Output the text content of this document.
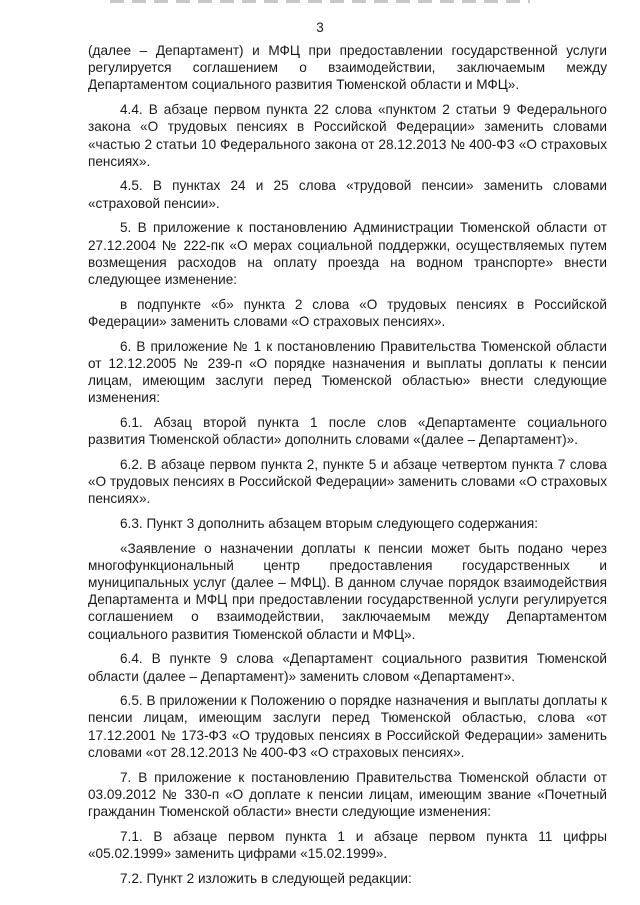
3

(далее – Департамент) и МФЦ при предоставлении государственной услуги регулируется соглашением о взаимодействии, заключаемым между Департаментом социального развития Тюменской области и МФЦ».

4.4. В абзаце первом пункта 22 слова «пунктом 2 статьи 9 Федерального закона «О трудовых пенсиях в Российской Федерации» заменить словами «частью 2 статьи 10 Федерального закона от 28.12.2013 № 400-ФЗ «О страховых пенсиях».

4.5. В пунктах 24 и 25 слова «трудовой пенсии» заменить словами «страховой пенсии».

5. В приложение к постановлению Администрации Тюменской области от 27.12.2004 № 222-пк «О мерах социальной поддержки, осуществляемых путем возмещения расходов на оплату проезда на водном транспорте» внести следующее изменение:

в подпункте «б» пункта 2 слова «О трудовых пенсиях в Российской Федерации» заменить словами «О страховых пенсиях».

6. В приложение № 1 к постановлению Правительства Тюменской области от 12.12.2005 № 239-п «О порядке назначения и выплаты доплаты к пенсии лицам, имеющим заслуги перед Тюменской областью» внести следующие изменения:

6.1. Абзац второй пункта 1 после слов «Департаменте социального развития Тюменской области» дополнить словами «(далее – Департамент)».

6.2. В абзаце первом пункта 2, пункте 5 и абзаце четвертом пункта 7 слова «О трудовых пенсиях в Российской Федерации» заменить словами «О страховых пенсиях».

6.3. Пункт 3 дополнить абзацем вторым следующего содержания:

«Заявление о назначении доплаты к пенсии может быть подано через многофункциональный центр предоставления государственных и муниципальных услуг (далее – МФЦ). В данном случае порядок взаимодействия Департамента и МФЦ при предоставлении государственной услуги регулируется соглашением о взаимодействии, заключаемым между Департаментом социального развития Тюменской области и МФЦ».

6.4. В пункте 9 слова «Департамент социального развития Тюменской области (далее – Департамент)» заменить словом «Департамент».

6.5. В приложении к Положению о порядке назначения и выплаты доплаты к пенсии лицам, имеющим заслуги перед Тюменской областью, слова «от 17.12.2001 № 173-ФЗ «О трудовых пенсиях в Российской Федерации» заменить словами «от 28.12.2013 № 400-ФЗ «О страховых пенсиях».

7. В приложение к постановлению Правительства Тюменской области от 03.09.2012 № 330-п «О доплате к пенсии лицам, имеющим звание «Почетный гражданин Тюменской области» внести следующие изменения:

7.1. В абзаце первом пункта 1 и абзаце первом пункта 11 цифры «05.02.1999» заменить цифрами «15.02.1999».

7.2. Пункт 2 изложить в следующей редакции:
